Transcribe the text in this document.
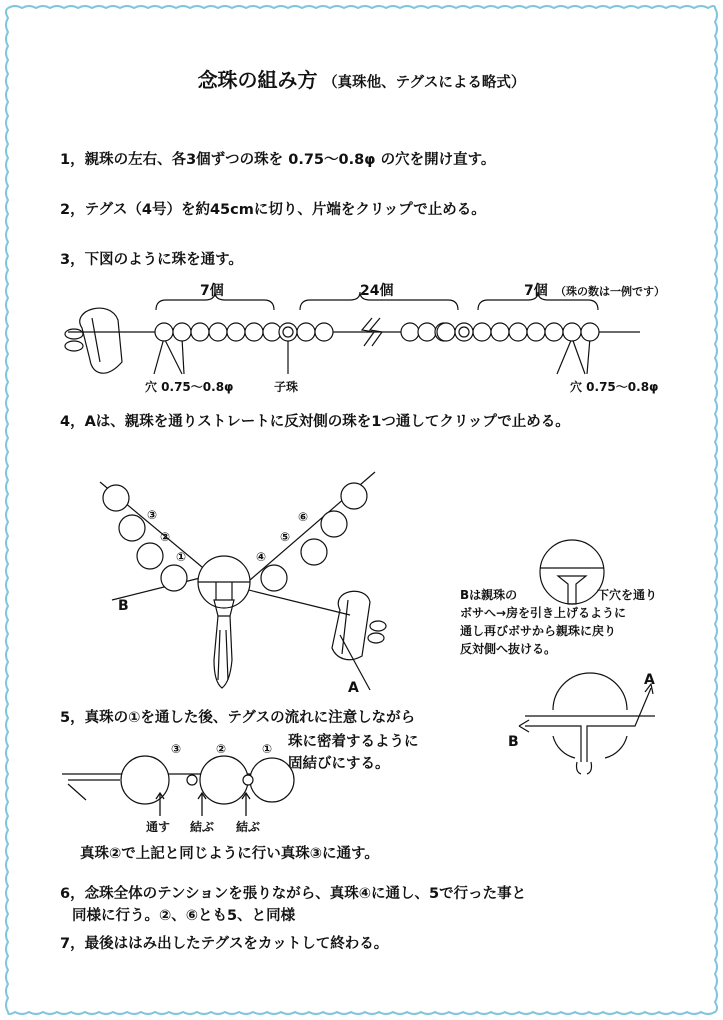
念珠の組み方 （真珠他、テグスによる略式）
1，親珠の左右、各3個ずつの珠を 0.75～0.8φ の穴を開け直す。
2，テグス（4号）を約45cmに切り、片端をクリップで止める。
3，下図のように珠を通す。
7個	24個	7個 （珠の数は一例です）
穴 0.75～0.8φ	子珠	穴 0.75～0.8φ
4，Aは、親珠を通りストレートに反対側の珠を1つ通してクリップで止める。
③
②
①
⑥
⑤
④
B
A
Bは親珠の	下穴を通り
ボサへ→房を引き上げるように
通し再びボサから親珠に戻り
反対側へ抜ける。
5，真珠の①を通した後、テグスの流れに注意しながら
珠に密着するように
固結びにする。
A
B
③	②	①
通す 結ぶ 結ぶ
真珠②で上記と同じように行い真珠③に通す。
6，念珠全体のテンションを張りながら、真珠④に通し、5で行った事と
同様に行う。②、⑥とも5、と同様
7，最後ははみ出したテグスをカットして終わる。
